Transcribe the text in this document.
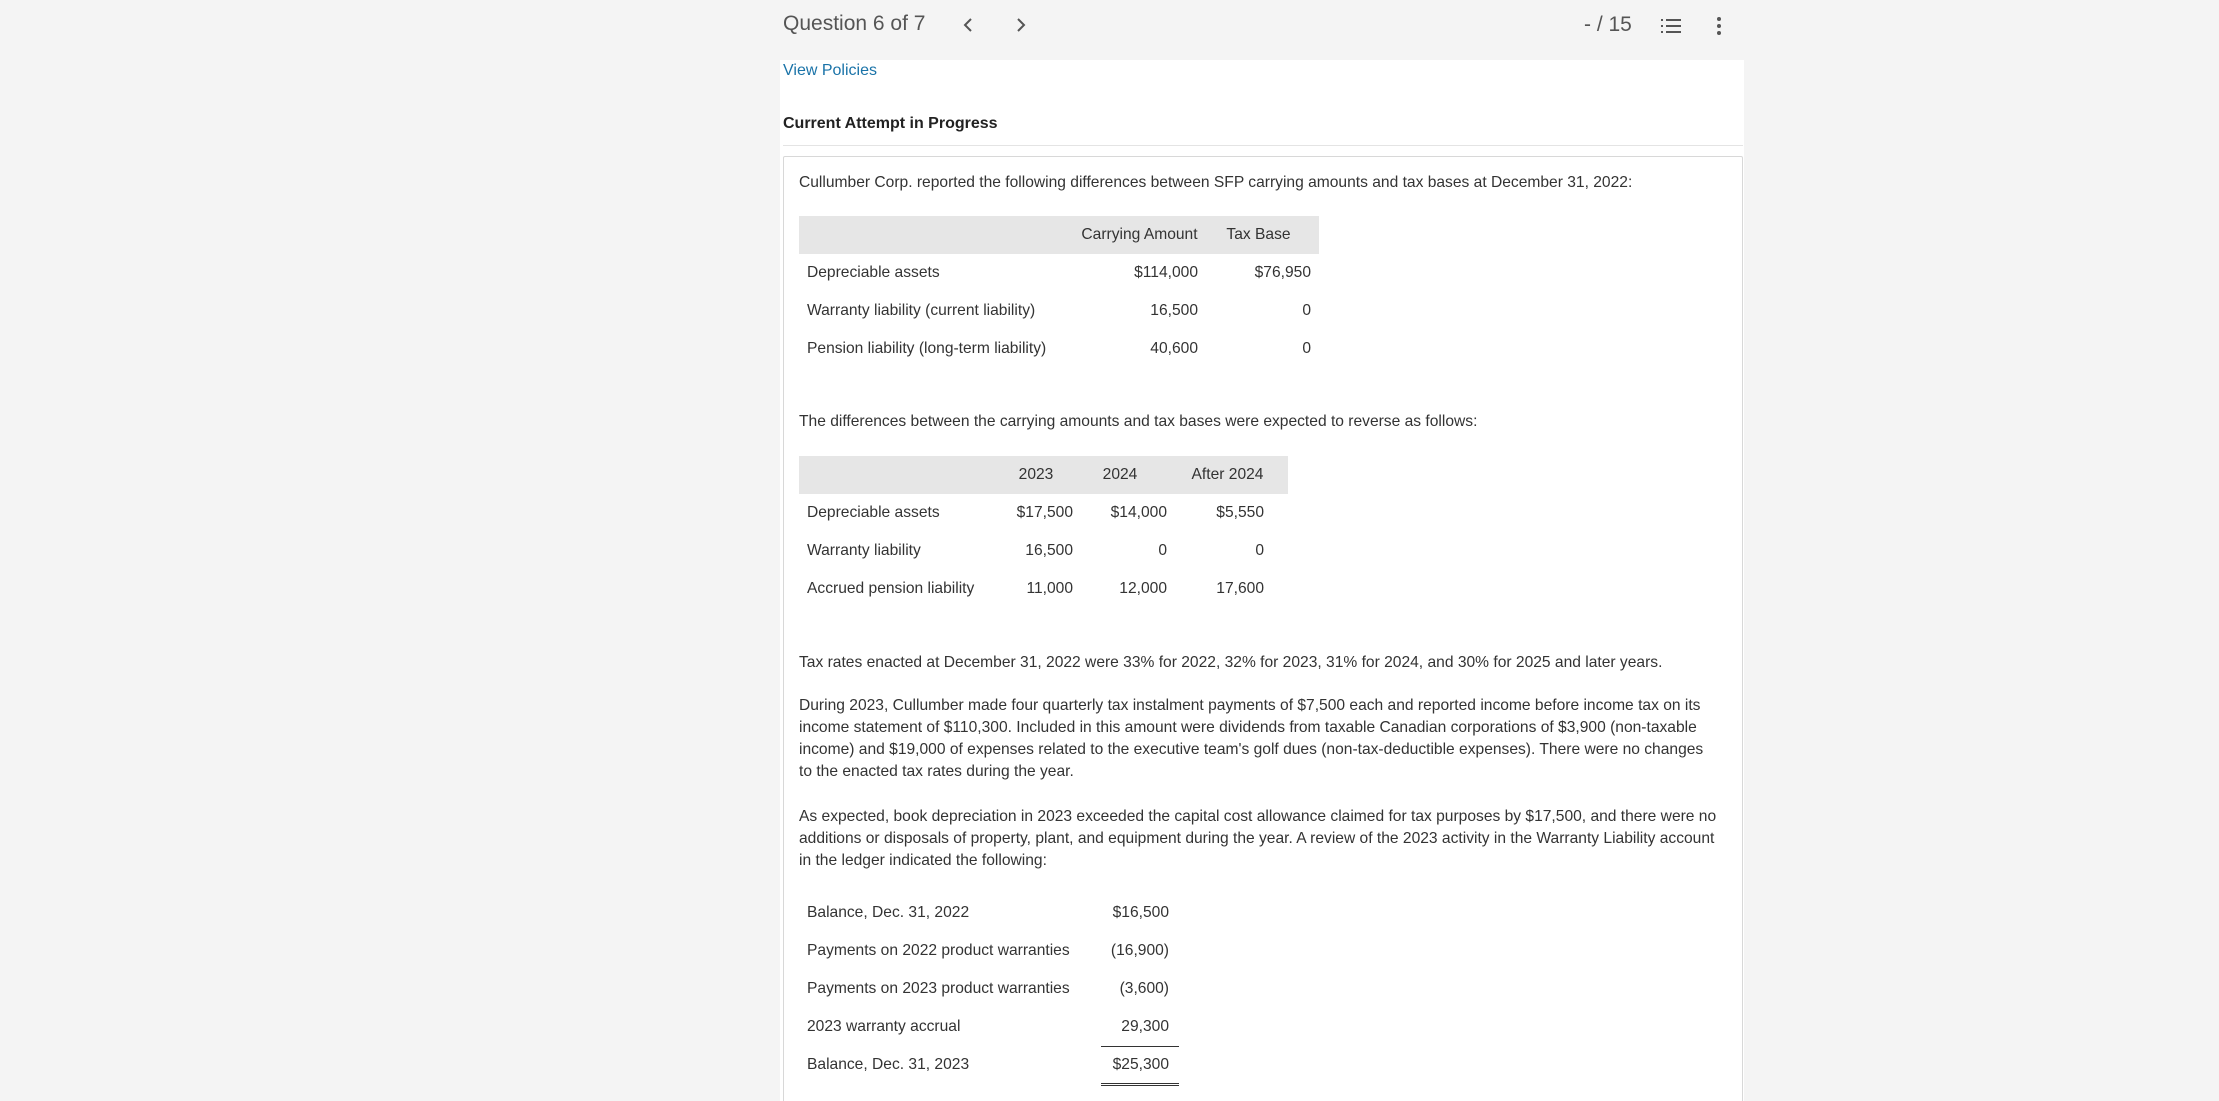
Question 6 of 7	- / 15
View Policies
Current Attempt in Progress
Cullumber Corp. reported the following differences between SFP carrying amounts and tax bases at December 31, 2022:
	Carrying Amount	Tax Base
Depreciable assets	$114,000	$76,950
Warranty liability (current liability)	16,500	0
Pension liability (long-term liability)	40,600	0
The differences between the carrying amounts and tax bases were expected to reverse as follows:
	2023	2024	After 2024
Depreciable assets	$17,500	$14,000	$5,550
Warranty liability	16,500	0	0
Accrued pension liability	11,000	12,000	17,600
Tax rates enacted at December 31, 2022 were 33% for 2022, 32% for 2023, 31% for 2024, and 30% for 2025 and later years.
During 2023, Cullumber made four quarterly tax instalment payments of $7,500 each and reported income before income tax on its income statement of $110,300. Included in this amount were dividends from taxable Canadian corporations of $3,900 (non-taxable income) and $19,000 of expenses related to the executive team's golf dues (non-tax-deductible expenses). There were no changes to the enacted tax rates during the year.
As expected, book depreciation in 2023 exceeded the capital cost allowance claimed for tax purposes by $17,500, and there were no additions or disposals of property, plant, and equipment during the year. A review of the 2023 activity in the Warranty Liability account in the ledger indicated the following:
Balance, Dec. 31, 2022	$16,500
Payments on 2022 product warranties	(16,900)
Payments on 2023 product warranties	(3,600)
2023 warranty accrual	29,300
Balance, Dec. 31, 2023	$25,300
